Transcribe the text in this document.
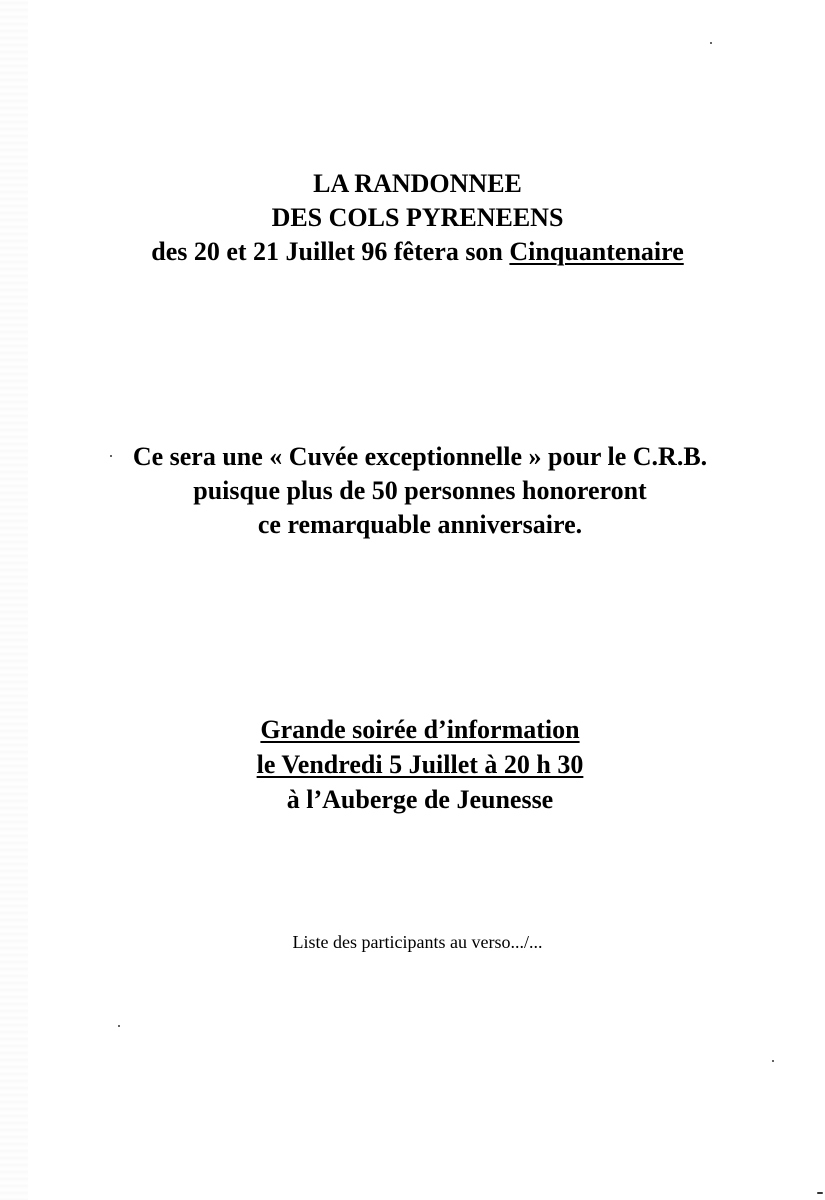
LA RANDONNEE
DES COLS PYRENEENS
des 20 et 21 Juillet 96 fêtera son Cinquantenaire
Ce sera une « Cuvée exceptionnelle » pour le C.R.B.
puisque plus de 50 personnes honoreront
ce remarquable anniversaire.
Grande soirée d’information
le Vendredi 5 Juillet à 20 h 30
à l’Auberge de Jeunesse
Liste des participants au verso.../...
